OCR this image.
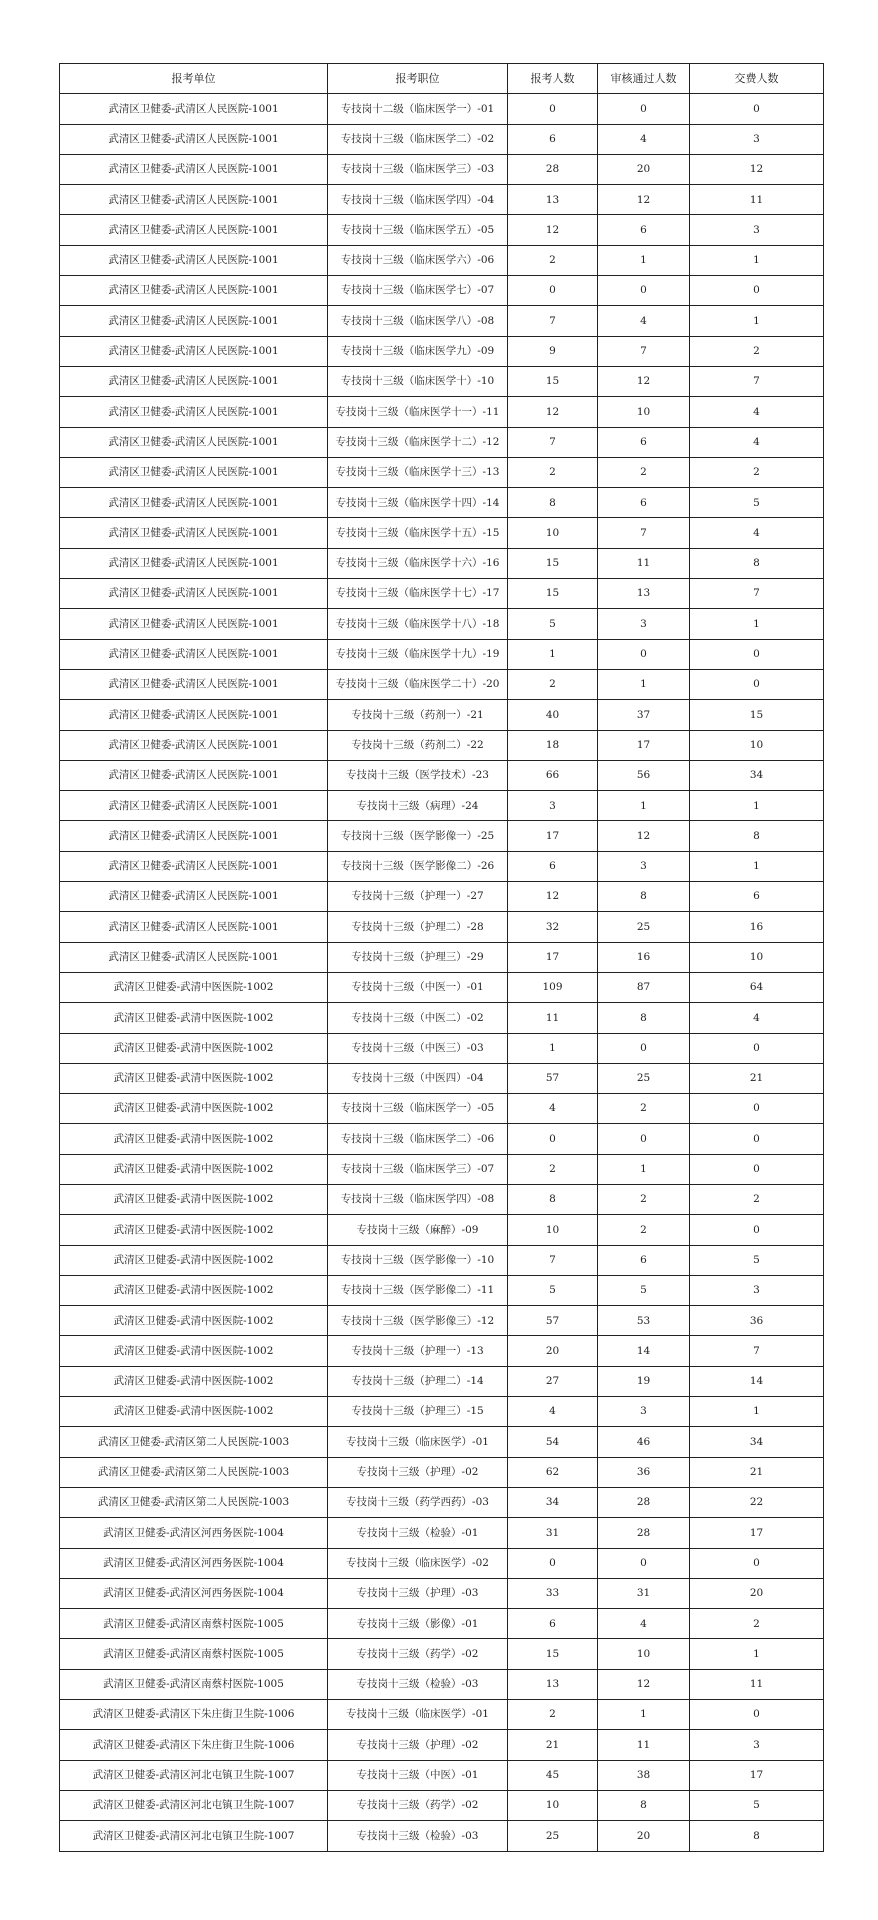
报考单位	报考职位	报考人数	审核通过人数	交费人数
武清区卫健委-武清区人民医院-1001	专技岗十二级（临床医学一）-01	0	0	0
武清区卫健委-武清区人民医院-1001	专技岗十三级（临床医学二）-02	6	4	3
武清区卫健委-武清区人民医院-1001	专技岗十三级（临床医学三）-03	28	20	12
武清区卫健委-武清区人民医院-1001	专技岗十三级（临床医学四）-04	13	12	11
武清区卫健委-武清区人民医院-1001	专技岗十三级（临床医学五）-05	12	6	3
武清区卫健委-武清区人民医院-1001	专技岗十三级（临床医学六）-06	2	1	1
武清区卫健委-武清区人民医院-1001	专技岗十三级（临床医学七）-07	0	0	0
武清区卫健委-武清区人民医院-1001	专技岗十三级（临床医学八）-08	7	4	1
武清区卫健委-武清区人民医院-1001	专技岗十三级（临床医学九）-09	9	7	2
武清区卫健委-武清区人民医院-1001	专技岗十三级（临床医学十）-10	15	12	7
武清区卫健委-武清区人民医院-1001	专技岗十三级（临床医学十一）-11	12	10	4
武清区卫健委-武清区人民医院-1001	专技岗十三级（临床医学十二）-12	7	6	4
武清区卫健委-武清区人民医院-1001	专技岗十三级（临床医学十三）-13	2	2	2
武清区卫健委-武清区人民医院-1001	专技岗十三级（临床医学十四）-14	8	6	5
武清区卫健委-武清区人民医院-1001	专技岗十三级（临床医学十五）-15	10	7	4
武清区卫健委-武清区人民医院-1001	专技岗十三级（临床医学十六）-16	15	11	8
武清区卫健委-武清区人民医院-1001	专技岗十三级（临床医学十七）-17	15	13	7
武清区卫健委-武清区人民医院-1001	专技岗十三级（临床医学十八）-18	5	3	1
武清区卫健委-武清区人民医院-1001	专技岗十三级（临床医学十九）-19	1	0	0
武清区卫健委-武清区人民医院-1001	专技岗十三级（临床医学二十）-20	2	1	0
武清区卫健委-武清区人民医院-1001	专技岗十三级（药剂一）-21	40	37	15
武清区卫健委-武清区人民医院-1001	专技岗十三级（药剂二）-22	18	17	10
武清区卫健委-武清区人民医院-1001	专技岗十三级（医学技术）-23	66	56	34
武清区卫健委-武清区人民医院-1001	专技岗十三级（病理）-24	3	1	1
武清区卫健委-武清区人民医院-1001	专技岗十三级（医学影像一）-25	17	12	8
武清区卫健委-武清区人民医院-1001	专技岗十三级（医学影像二）-26	6	3	1
武清区卫健委-武清区人民医院-1001	专技岗十三级（护理一）-27	12	8	6
武清区卫健委-武清区人民医院-1001	专技岗十三级（护理二）-28	32	25	16
武清区卫健委-武清区人民医院-1001	专技岗十三级（护理三）-29	17	16	10
武清区卫健委-武清中医医院-1002	专技岗十三级（中医一）-01	109	87	64
武清区卫健委-武清中医医院-1002	专技岗十三级（中医二）-02	11	8	4
武清区卫健委-武清中医医院-1002	专技岗十三级（中医三）-03	1	0	0
武清区卫健委-武清中医医院-1002	专技岗十三级（中医四）-04	57	25	21
武清区卫健委-武清中医医院-1002	专技岗十三级（临床医学一）-05	4	2	0
武清区卫健委-武清中医医院-1002	专技岗十三级（临床医学二）-06	0	0	0
武清区卫健委-武清中医医院-1002	专技岗十三级（临床医学三）-07	2	1	0
武清区卫健委-武清中医医院-1002	专技岗十三级（临床医学四）-08	8	2	2
武清区卫健委-武清中医医院-1002	专技岗十三级（麻醉）-09	10	2	0
武清区卫健委-武清中医医院-1002	专技岗十三级（医学影像一）-10	7	6	5
武清区卫健委-武清中医医院-1002	专技岗十三级（医学影像二）-11	5	5	3
武清区卫健委-武清中医医院-1002	专技岗十三级（医学影像三）-12	57	53	36
武清区卫健委-武清中医医院-1002	专技岗十三级（护理一）-13	20	14	7
武清区卫健委-武清中医医院-1002	专技岗十三级（护理二）-14	27	19	14
武清区卫健委-武清中医医院-1002	专技岗十三级（护理三）-15	4	3	1
武清区卫健委-武清区第二人民医院-1003	专技岗十三级（临床医学）-01	54	46	34
武清区卫健委-武清区第二人民医院-1003	专技岗十三级（护理）-02	62	36	21
武清区卫健委-武清区第二人民医院-1003	专技岗十三级（药学西药）-03	34	28	22
武清区卫健委-武清区河西务医院-1004	专技岗十三级（检验）-01	31	28	17
武清区卫健委-武清区河西务医院-1004	专技岗十三级（临床医学）-02	0	0	0
武清区卫健委-武清区河西务医院-1004	专技岗十三级（护理）-03	33	31	20
武清区卫健委-武清区南蔡村医院-1005	专技岗十三级（影像）-01	6	4	2
武清区卫健委-武清区南蔡村医院-1005	专技岗十三级（药学）-02	15	10	1
武清区卫健委-武清区南蔡村医院-1005	专技岗十三级（检验）-03	13	12	11
武清区卫健委-武清区下朱庄街卫生院-1006	专技岗十三级（临床医学）-01	2	1	0
武清区卫健委-武清区下朱庄街卫生院-1006	专技岗十三级（护理）-02	21	11	3
武清区卫健委-武清区河北屯镇卫生院-1007	专技岗十三级（中医）-01	45	38	17
武清区卫健委-武清区河北屯镇卫生院-1007	专技岗十三级（药学）-02	10	8	5
武清区卫健委-武清区河北屯镇卫生院-1007	专技岗十三级（检验）-03	25	20	8
